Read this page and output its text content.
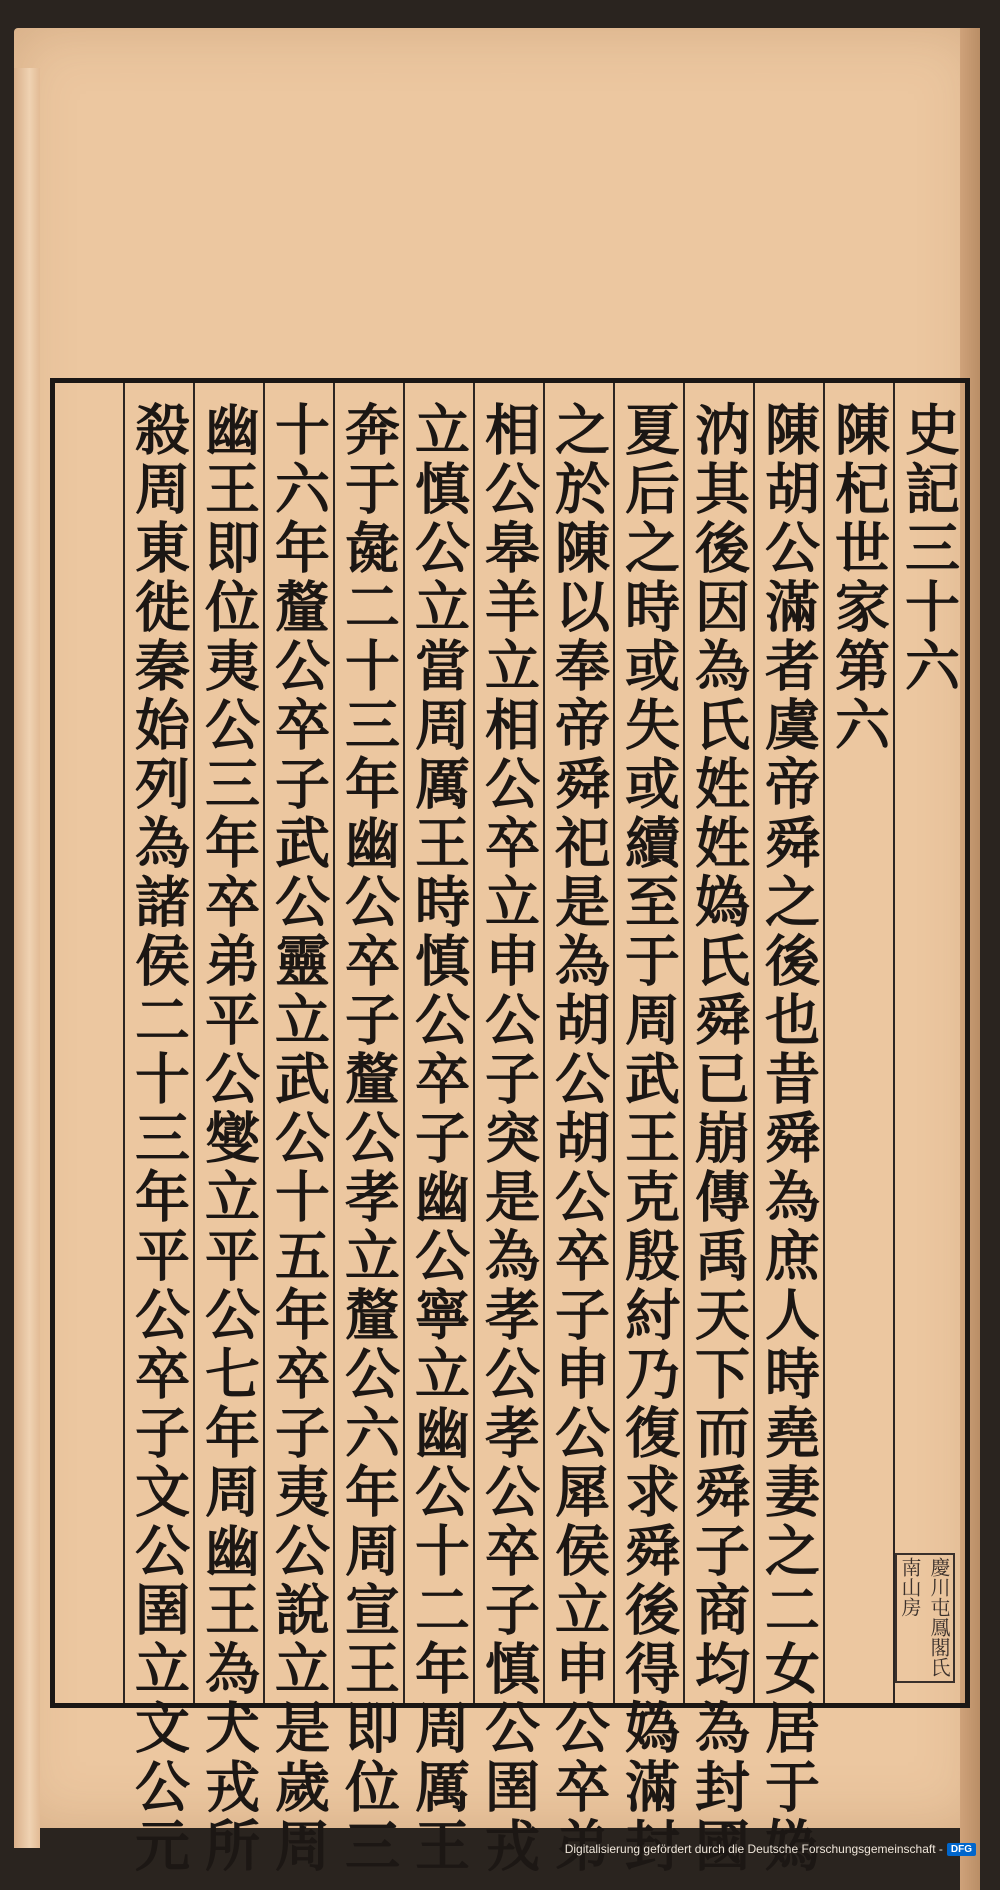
史記三十六
陳杞世家第六
陳胡公滿者虞帝舜之後也昔舜為庶人時堯妻之二女居于媯
汭其後因為氏姓姓媯氏舜已崩傳禹天下而舜子商均為封國
夏后之時或失或續至于周武王克殷紂乃復求舜後得媯滿封
之於陳以奉帝舜祀是為胡公胡公卒子申公犀侯立申公卒弟
相公皋羊立相公卒立申公子突是為孝公孝公卒子慎公圉戎
立慎公立當周厲王時慎公卒子幽公寧立幽公十二年周厲王
奔于彘二十三年幽公卒子釐公孝立釐公六年周宣王即位三
十六年釐公卒子武公靈立武公十五年卒子夷公說立是歲周
幽王即位夷公三年卒弟平公燮立平公七年周幽王為犬戎所
殺周東徙秦始列為諸侯二十三年平公卒子文公圉立文公元	慶川屯鳳閣氏南山房
Digitalisierung gefördert durch die Deutsche Forschungsgemeinschaft - DFG
